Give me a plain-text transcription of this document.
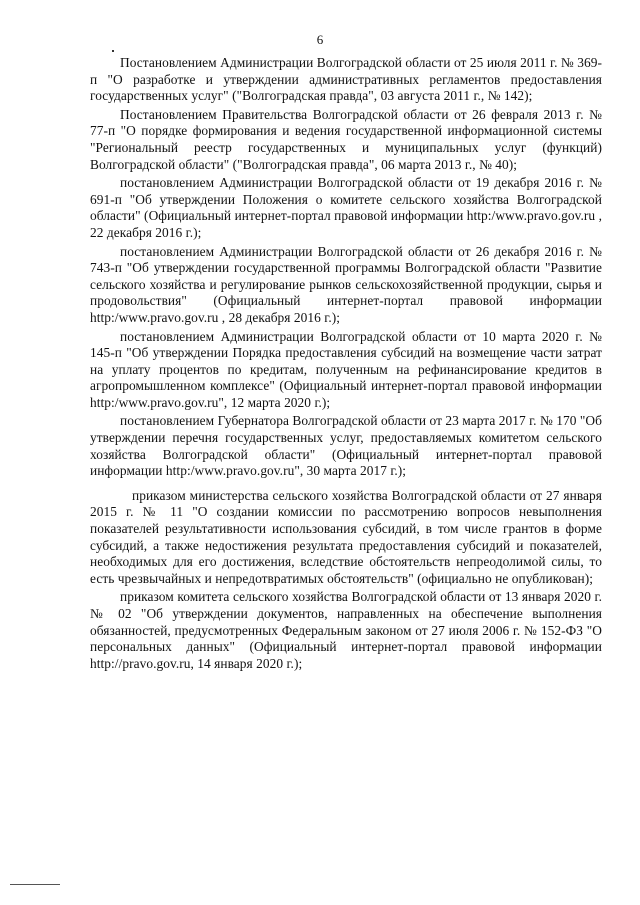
6

Постановлением Администрации Волгоградской области от 25 июля 2011 г. № 369-п "О разработке и утверждении административных регламентов предоставления государственных услуг" ("Волгоградская правда", 03 августа 2011 г., № 142);

Постановлением Правительства Волгоградской области от 26 февраля 2013 г. № 77-п "О порядке формирования и ведения государственной информационной системы "Региональный реестр государственных и муниципальных услуг (функций) Волгоградской области" ("Волгоградская правда", 06 марта 2013 г., № 40);

постановлением Администрации Волгоградской области от 19 декабря 2016 г. № 691-п "Об утверждении Положения о комитете сельского хозяйства Волгоградской области" (Официальный интернет-портал правовой информации http:/www.pravo.gov.ru , 22 декабря 2016 г.);

постановлением Администрации Волгоградской области от 26 декабря 2016 г. № 743-п "Об утверждении государственной программы Волгоградской области "Развитие сельского хозяйства и регулирование рынков сельскохозяйственной продукции, сырья и продовольствия" (Официальный интернет-портал правовой информации http:/www.pravo.gov.ru , 28 декабря 2016 г.);

постановлением Администрации Волгоградской области от 10 марта 2020 г. № 145-п "Об утверждении Порядка предоставления субсидий на возмещение части затрат на уплату процентов по кредитам, полученным на рефинансирование кредитов в агропромышленном комплексе" (Официальный интернет-портал правовой информации http:/www.pravo.gov.ru", 12 марта 2020 г.);

постановлением Губернатора Волгоградской области от 23 марта 2017 г. № 170 "Об утверждении перечня государственных услуг, предоставляемых комитетом сельского хозяйства Волгоградской области" (Официальный интернет-портал правовой информации http:/www.pravo.gov.ru", 30 марта 2017 г.);

приказом министерства сельского хозяйства Волгоградской области от 27 января 2015 г. № 11 "О создании комиссии по рассмотрению вопросов невыполнения показателей результативности использования субсидий, в том числе грантов в форме субсидий, а также недостижения результата предоставления субсидий и показателей, необходимых для его достижения, вследствие обстоятельств непреодолимой силы, то есть чрезвычайных и непредотвратимых обстоятельств" (официально не опубликован);

приказом комитета сельского хозяйства Волгоградской области от 13 января 2020 г. № 02 "Об утверждении документов, направленных на обеспечение выполнения обязанностей, предусмотренных Федеральным законом от 27 июля 2006 г. № 152-ФЗ "О персональных данных" (Официальный интернет-портал правовой информации http://pravo.gov.ru, 14 января 2020 г.);
